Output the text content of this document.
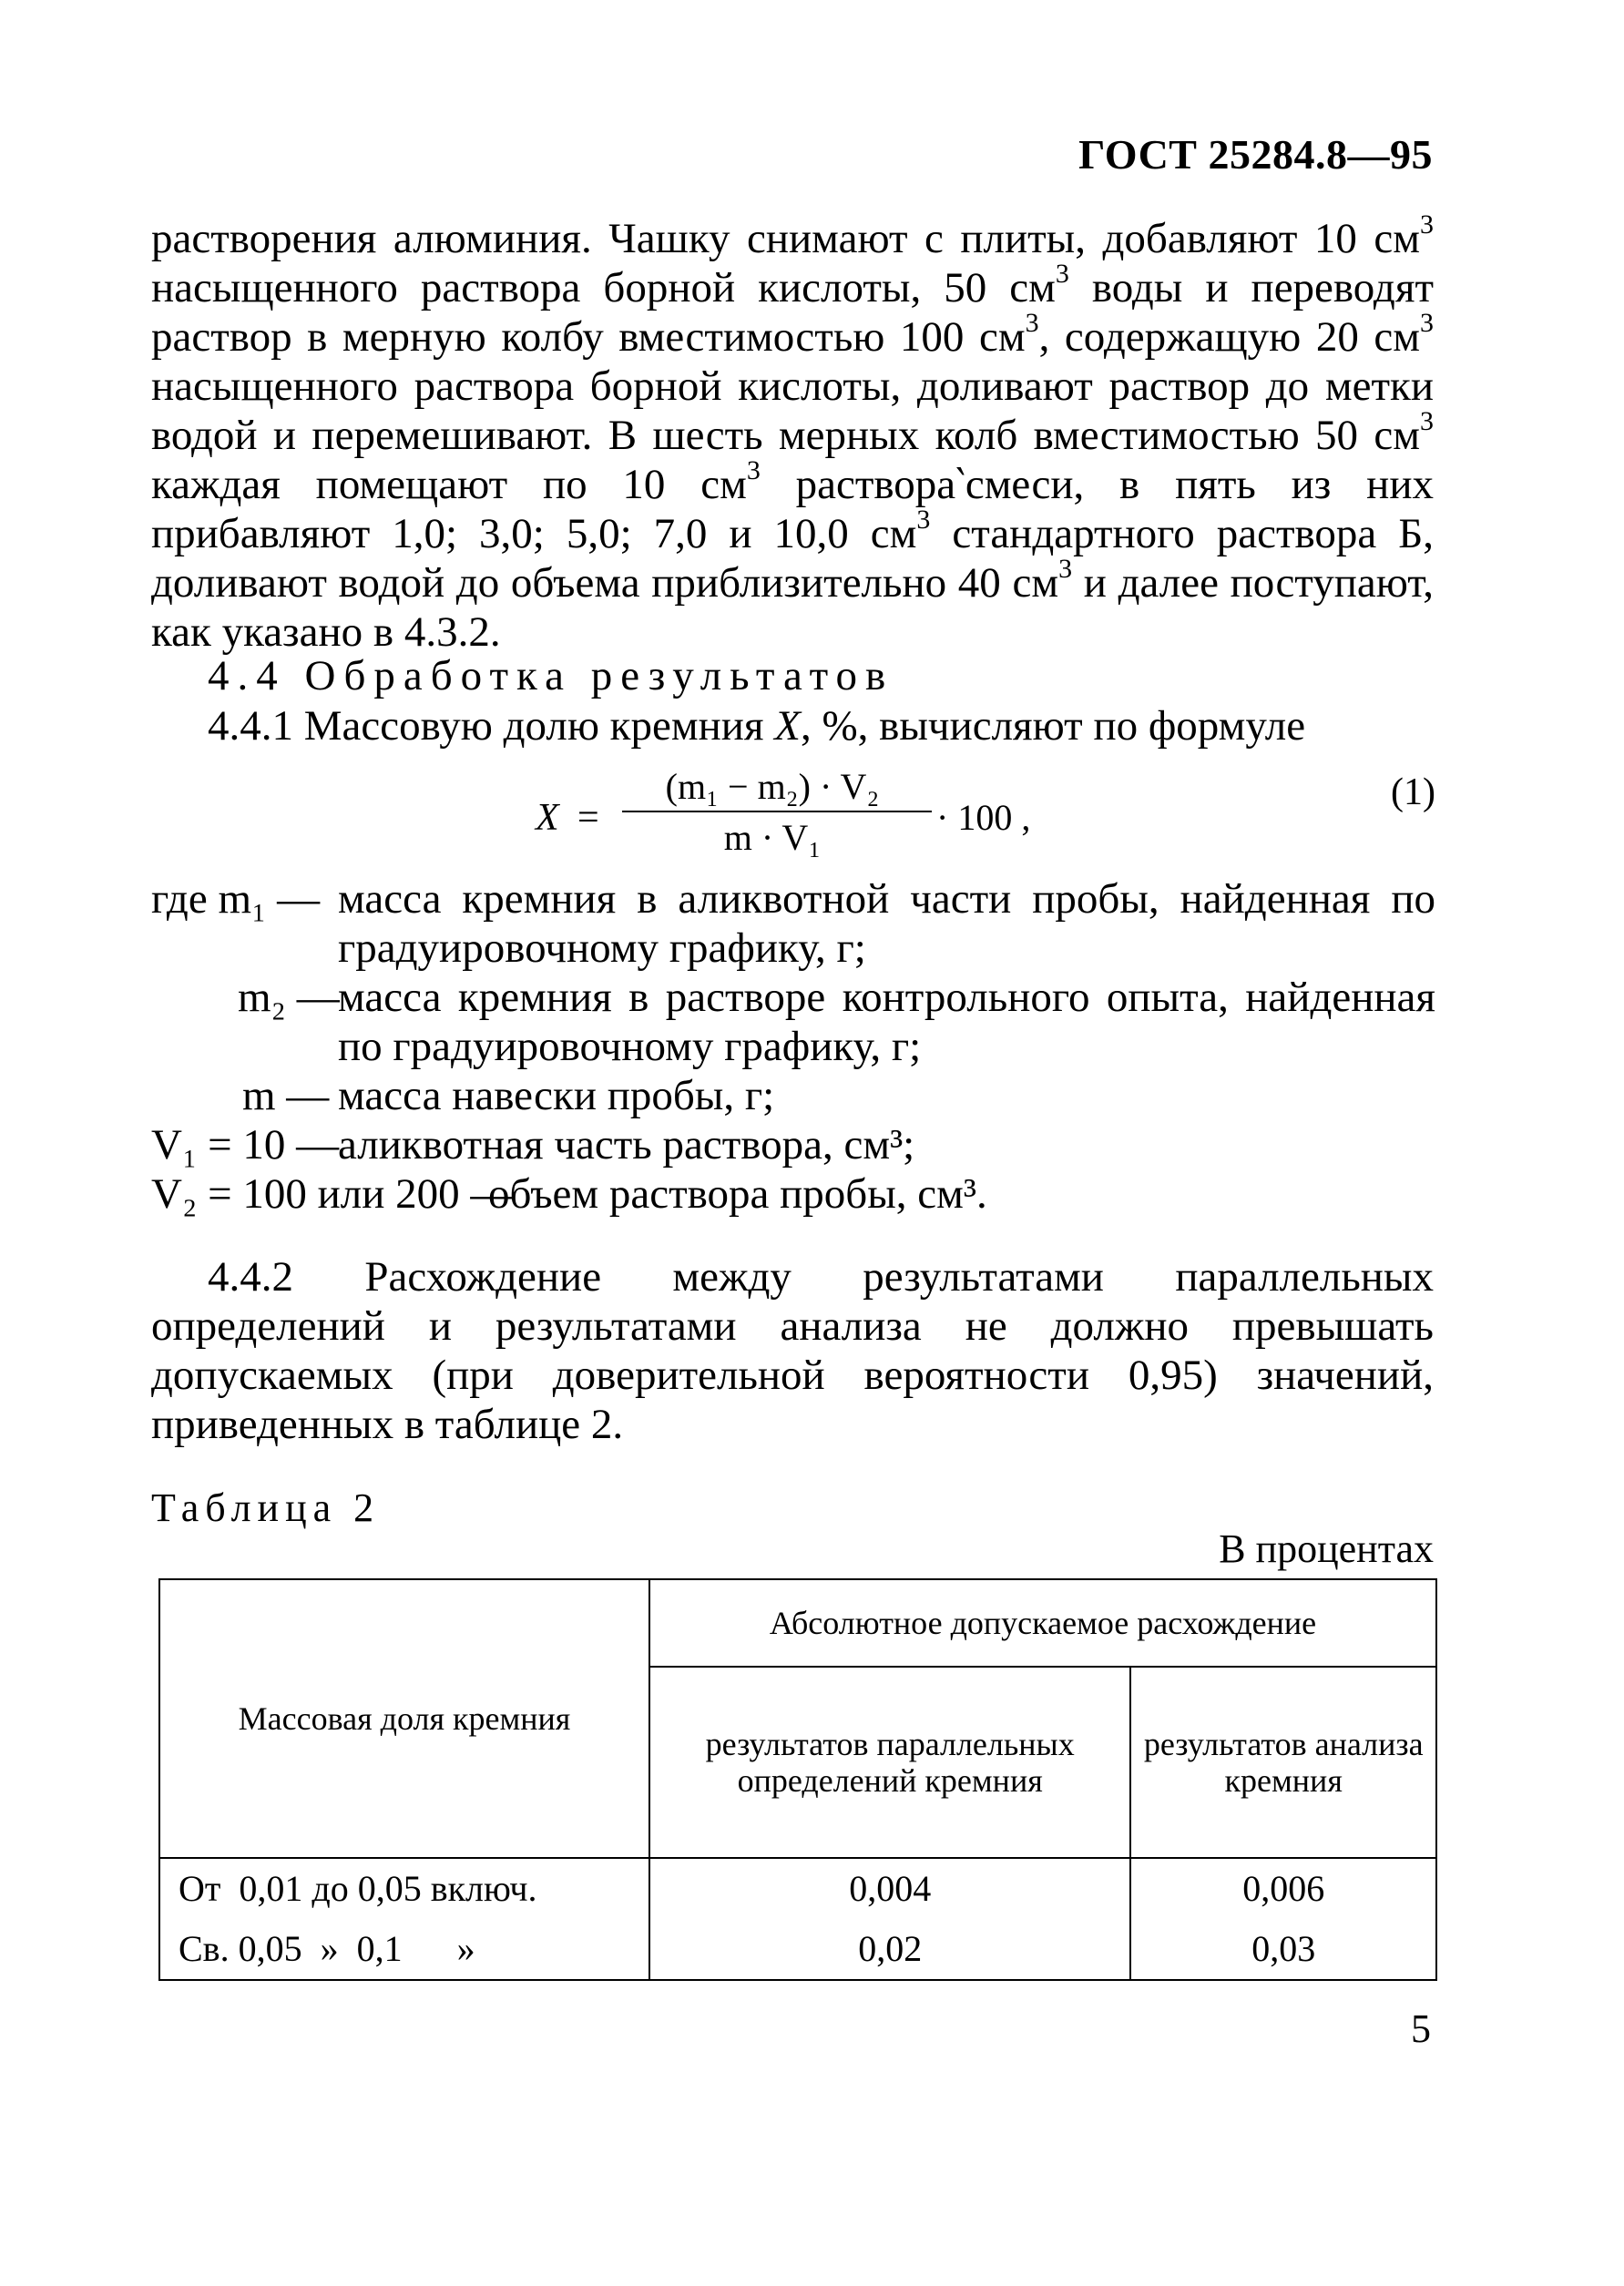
ГОСТ 25284.8—95
растворения алюминия. Чашку снимают с плиты, добавляют 10 $см^3$ насыщенного раствора борной кислоты, 50 $см^3$ воды и переводят раствор в мерную колбу вместимостью 100 $см^3$, содержащую 20 $см^3$ насыщенного раствора борной кислоты, доливают раствор до метки водой и перемешивают. В шесть мерных колб вместимостью 50 $см^3$ каждая помещают по 10 $см^3$ раствора‵смеси, в пять из них прибавляют 1,0; 3,0; 5,0; 7,0 и 10,0 $см^3$ стандартного раствора Б, доливают водой до объема приблизительно 40 $см^3$ и далее поступают, как указано в 4.3.2.
4.4 Обработка результатов
4.4.1 Массовую долю кремния X, %, вычисляют по формуле
X =
(m₁ − m₂) · V₂
m · V₁	· 100 ,
(1)
где m₁ — масса кремния в аликвотной части пробы, найденная по градуировочному графику, г;
m₂ —
масса кремния в растворе контрольного опыта, найденная по градуировочному графику, г;
m — масса навески пробы, г;
V₁ = 10 —
аликвотная часть раствора, см³;
V₂ = 100 или 200 —
объем раствора пробы, см³.
4.4.2 Расхождение между результатами параллельных определений и результатами анализа не должно превышать допускаемых (при доверительной вероятности 0,95) значений, приведенных в таблице 2.
Таблица 2
В процентах
Массовая доля кремния	Абсолютное допускаемое расхождение	
	результатов параллельных определений кремния	результатов анализа кремния
От  0,01 до 0,05 включ.	0,004	0,006
Св. 0,05  »  0,1      »	0,02	0,03
5
